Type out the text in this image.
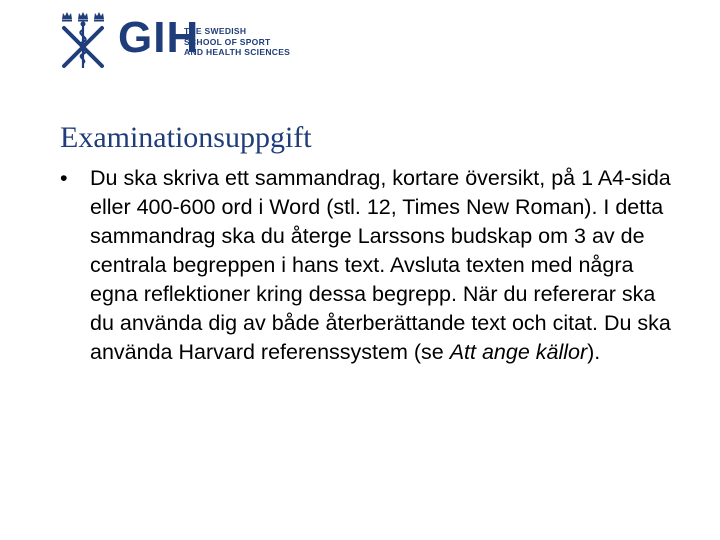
GIH
THE SWEDISH
SCHOOL OF SPORT
AND HEALTH SCIENCES
Examinationsuppgift
•	Du ska skriva ett sammandrag, kortare översikt, på 1 A4-sida eller 400-600 ord i Word (stl. 12, Times New Roman). I detta sammandrag ska du återge Larssons budskap om 3 av de centrala begreppen i hans text. Avsluta texten med några egna reflektioner kring dessa begrepp. När du refererar ska du använda dig av både återberättande text och citat. Du ska använda Harvard referenssystem (se Att ange källor).
